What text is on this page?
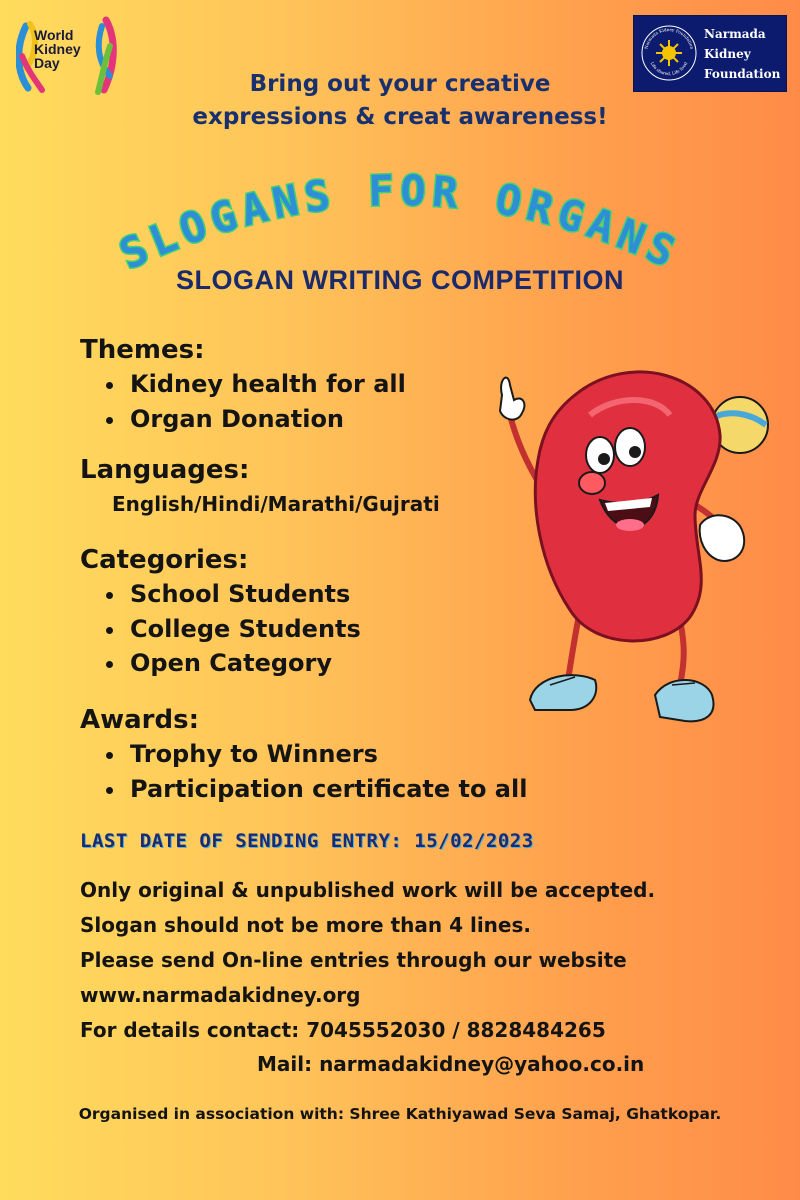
World
Kidney
Day
Narmada Kidney Foundation
Life shared, Life lived
Narmada
Kidney
Foundation
Bring out your creative
expressions & creat awareness!
SLOGANS FOR ORGANS
SLOGAN WRITING COMPETITION
Themes:
Kidney health for all
Organ Donation
Languages:
English/Hindi/Marathi/Gujrati
Categories:
School Students
College Students
Open Category
Awards:
Trophy to Winners
Participation certificate to all
LAST DATE OF SENDING ENTRY: 15/02/2023
Only original & unpublished work will be accepted.
Slogan should not be more than 4 lines.
Please send On-line entries through our website
www.narmadakidney.org
For details contact: 7045552030 / 8828484265
Mail: narmadakidney@yahoo.co.in
Organised in association with: Shree Kathiyawad Seva Samaj, Ghatkopar.
